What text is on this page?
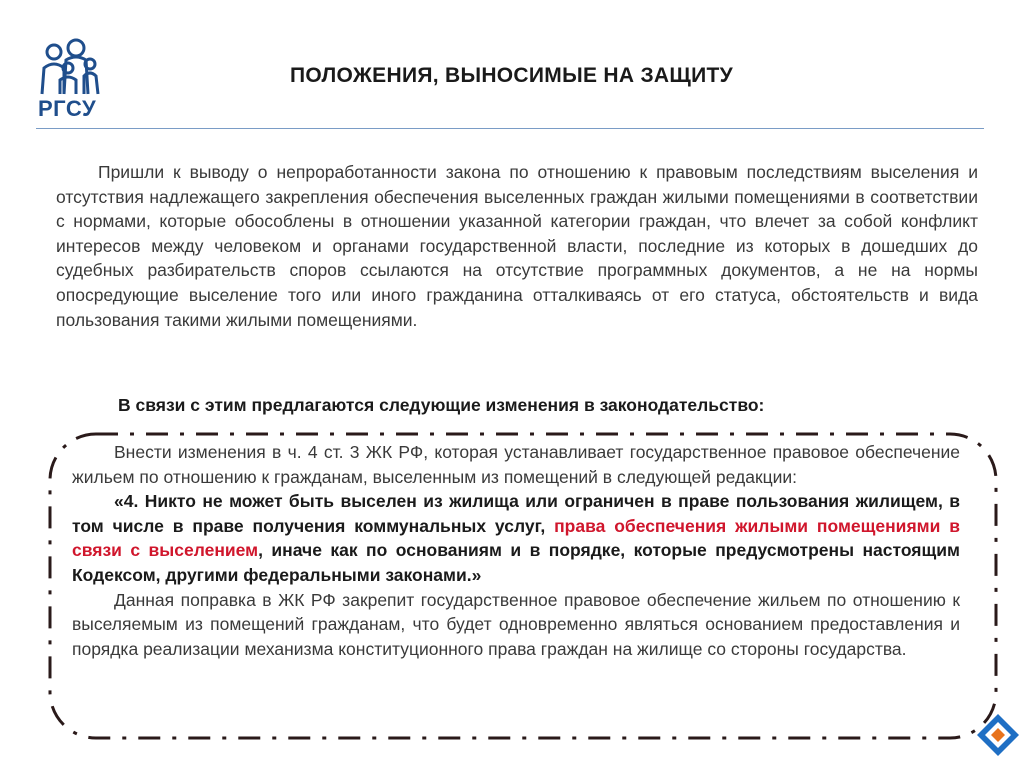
РГСУ
ПОЛОЖЕНИЯ, ВЫНОСИМЫЕ НА ЗАЩИТУ

Пришли к выводу о непроработанности закона по отношению к правовым последствиям выселения и отсутствия надлежащего закрепления обеспечения выселенных граждан жилыми помещениями в соответствии с нормами, которые обособлены в отношении указанной категории граждан, что влечет за собой конфликт интересов между человеком и органами государственной власти, последние из которых в дошедших до судебных разбирательств споров ссылаются на отсутствие программных документов, а не на нормы опосредующие выселение того или иного гражданина отталкиваясь от его статуса, обстоятельств и вида пользования такими жилыми помещениями.

В связи с этим предлагаются следующие изменения в законодательство:

Внести изменения в ч. 4 ст. 3 ЖК РФ, которая устанавливает государственное правовое обеспечение жильем по отношению к гражданам, выселенным из помещений в следующей редакции:

«4. Никто не может быть выселен из жилища или ограничен в праве пользования жилищем, в том числе в праве получения коммунальных услуг, права обеспечения жилыми помещениями в связи с выселением, иначе как по основаниям и в порядке, которые предусмотрены настоящим Кодексом, другими федеральными законами.»

Данная поправка в ЖК РФ закрепит государственное правовое обеспечение жильем по отношению к выселяемым из помещений гражданам, что будет одновременно являться основанием предоставления и порядка реализации механизма конституционного права граждан на жилище со стороны государства.
